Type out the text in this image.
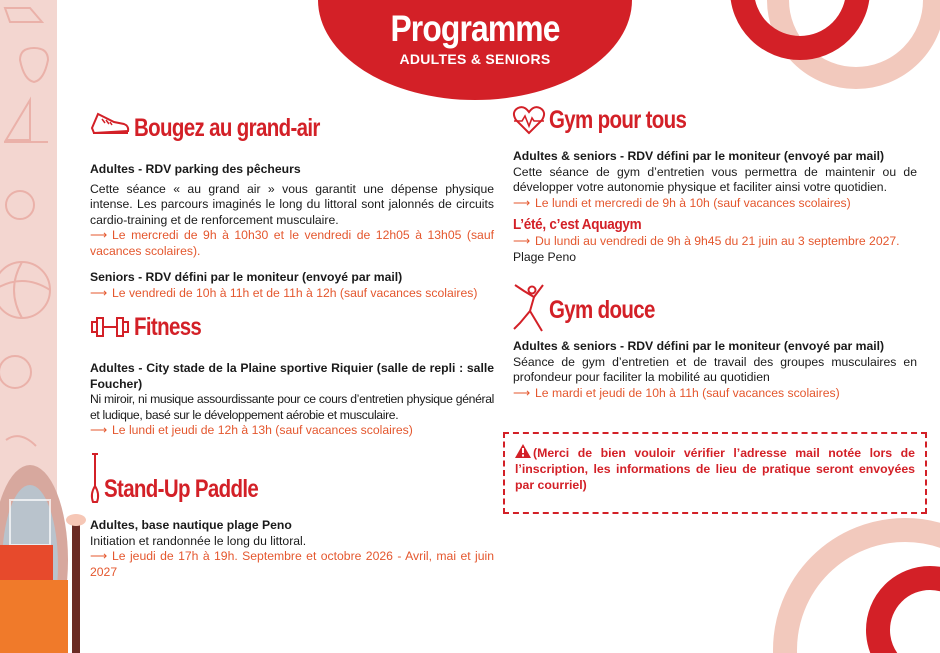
Programme
ADULTES & SENIORS
Bougez au grand-air
Adultes - RDV parking des pêcheurs
Cette séance « au grand air » vous garantit une dépense physique intense. Les parcours imaginés le long du littoral sont jalonnés de circuits cardio-training et de renforcement musculaire.
⟶ Le mercredi de 9h à 10h30 et le vendredi de 12h05 à 13h05 (sauf vacances scolaires).
Seniors - RDV défini par le moniteur (envoyé par mail)
⟶ Le vendredi de 10h à 11h et de 11h à 12h (sauf vacances scolaires)
Fitness
Adultes - City stade de la Plaine sportive Riquier (salle de repli : salle Foucher)
Ni miroir, ni musique assourdissante pour ce cours d’entretien physique général et ludique, basé sur le développement aérobie et musculaire.
⟶ Le lundi et jeudi de 12h à 13h (sauf vacances scolaires)
Stand-Up Paddle
Adultes, base nautique plage Peno
Initiation et randonnée le long du littoral.
⟶ Le jeudi de 17h à 19h. Septembre et octobre 2026 - Avril, mai et juin 2027
Gym pour tous
Adultes & seniors - RDV défini par le moniteur (envoyé par mail)
Cette séance de gym d’entretien vous permettra de maintenir ou de développer votre autonomie physique et faciliter ainsi votre quotidien.
⟶ Le lundi et mercredi de 9h à 10h (sauf vacances scolaires)
L’été, c’est Aquagym
⟶ Du lundi au vendredi de 9h à 9h45 du 21 juin au 3 septembre 2027.
Plage Peno
Gym douce
Adultes & seniors - RDV défini par le moniteur (envoyé par mail)
Séance de gym d’entretien et de travail des groupes musculaires en profondeur pour faciliter la mobilité au quotidien
⟶ Le mardi et jeudi de 10h à 11h (sauf vacances scolaires)
(Merci de bien vouloir vérifier l’adresse mail notée lors de l’inscription, les informations de lieu de pratique seront envoyées par courriel)
